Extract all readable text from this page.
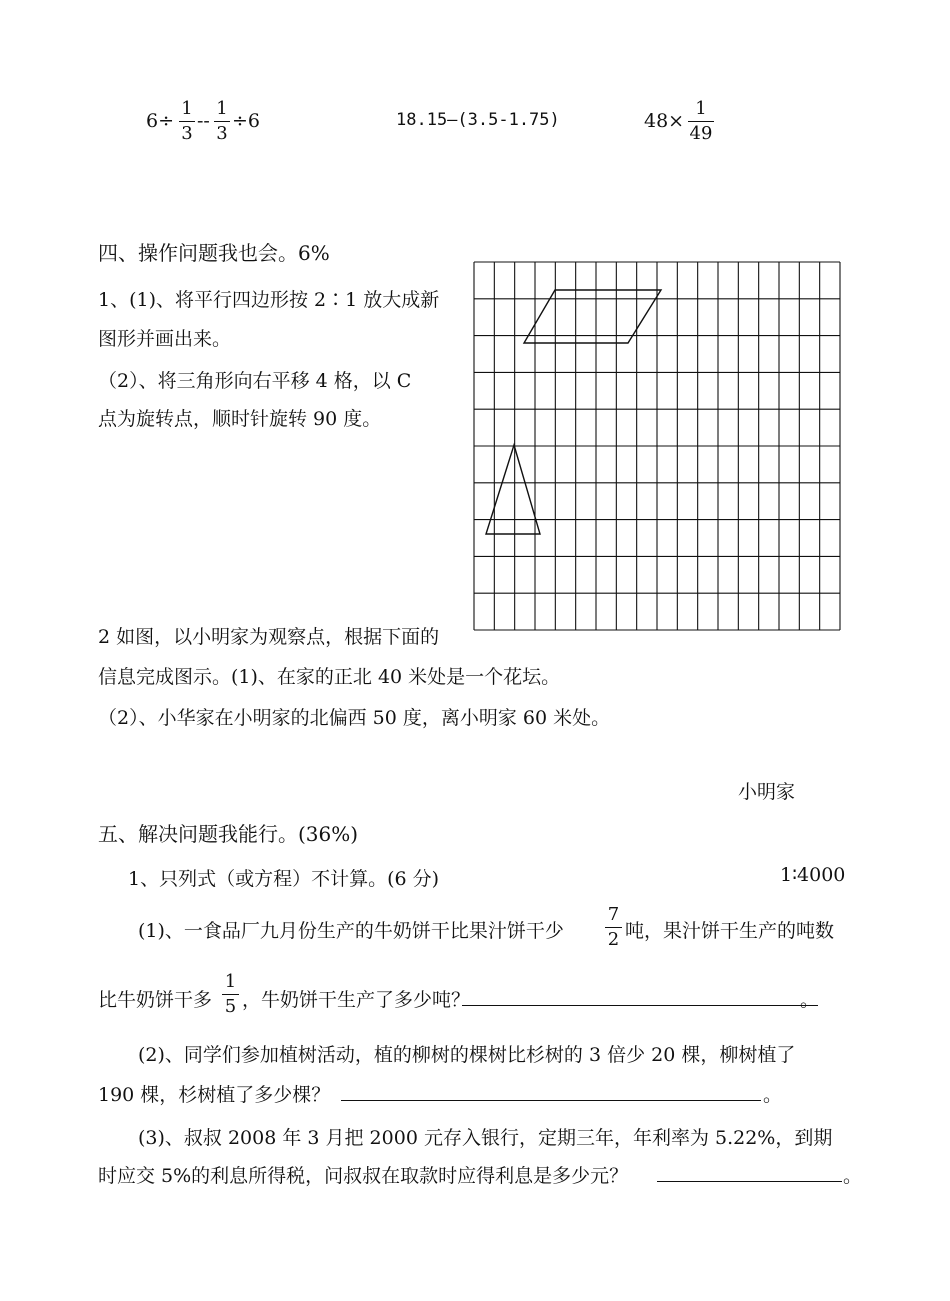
6÷
1
3
--
1
3
÷6	18.15—(3.5-1.75)	48×
1
49
四、操作问题我也会。6%
1、(1)、将平行四边形按 2∶1 放大成新
图形并画出来。
（2）、将三角形向右平移 4 格，以 C
点为旋转点，顺时针旋转 90 度。
2 如图，以小明家为观察点，根据下面的
信息完成图示。(1)、在家的正北 40 米处是一个花坛。
（2）、小华家在小明家的北偏西 50 度，离小明家 60 米处。
小明家
五、解决问题我能行。(36%)
1、只列式（或方程）不计算。(6 分)	1∶4000
(1)、一食品厂九月份生产的牛奶饼干比果汁饼干少
7
2 吨，果汁饼干生产的吨数
比牛奶饼干多
1
5 ，牛奶饼干生产了多少吨？	。
(2)、同学们参加植树活动，植的柳树的棵树比杉树的 3 倍少 20 棵，柳树植了
190 棵，杉树植了多少棵？	。
(3)、叔叔 2008 年 3 月把 2000 元存入银行，定期三年，年利率为 5.22%，到期
时应交 5%的利息所得税，问叔叔在取款时应得利息是多少元？	。
